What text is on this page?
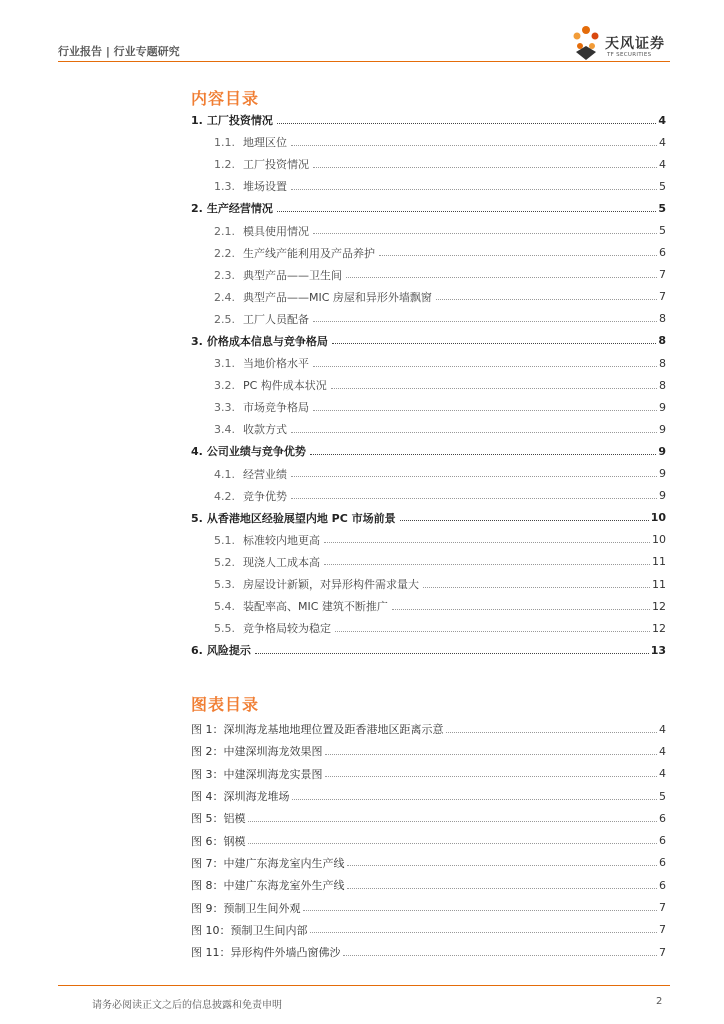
行业报告 | 行业专题研究	天风证券
TF SECURITIES
内容目录
1. 工厂投资情况	4
1.1. 地理区位	4
1.2. 工厂投资情况	4
1.3. 堆场设置	5
2. 生产经营情况	5
2.1. 模具使用情况	5
2.2. 生产线产能利用及产品养护	6
2.3. 典型产品——卫生间	7
2.4. 典型产品——MIC 房屋和异形外墙飘窗	7
2.5. 工厂人员配备	8
3. 价格成本信息与竞争格局	8
3.1. 当地价格水平	8
3.2. PC 构件成本状况	8
3.3. 市场竞争格局	9
3.4. 收款方式	9
4. 公司业绩与竞争优势	9
4.1. 经营业绩	9
4.2. 竞争优势	9
5. 从香港地区经验展望内地 PC 市场前景	10
5.1. 标准较内地更高	10
5.2. 现浇人工成本高	11
5.3. 房屋设计新颖，对异形构件需求量大	11
5.4. 装配率高、MIC 建筑不断推广	12
5.5. 竞争格局较为稳定	12
6. 风险提示	13
图表目录
图 1：深圳海龙基地地理位置及距香港地区距离示意	4
图 2：中建深圳海龙效果图	4
图 3：中建深圳海龙实景图	4
图 4：深圳海龙堆场	5
图 5：铝模	6
图 6：钢模	6
图 7：中建广东海龙室内生产线	6
图 8：中建广东海龙室外生产线	6
图 9：预制卫生间外观	7
图 10：预制卫生间内部	7
图 11：异形构件外墙凸窗佛沙	7
请务必阅读正文之后的信息披露和免责申明	2
